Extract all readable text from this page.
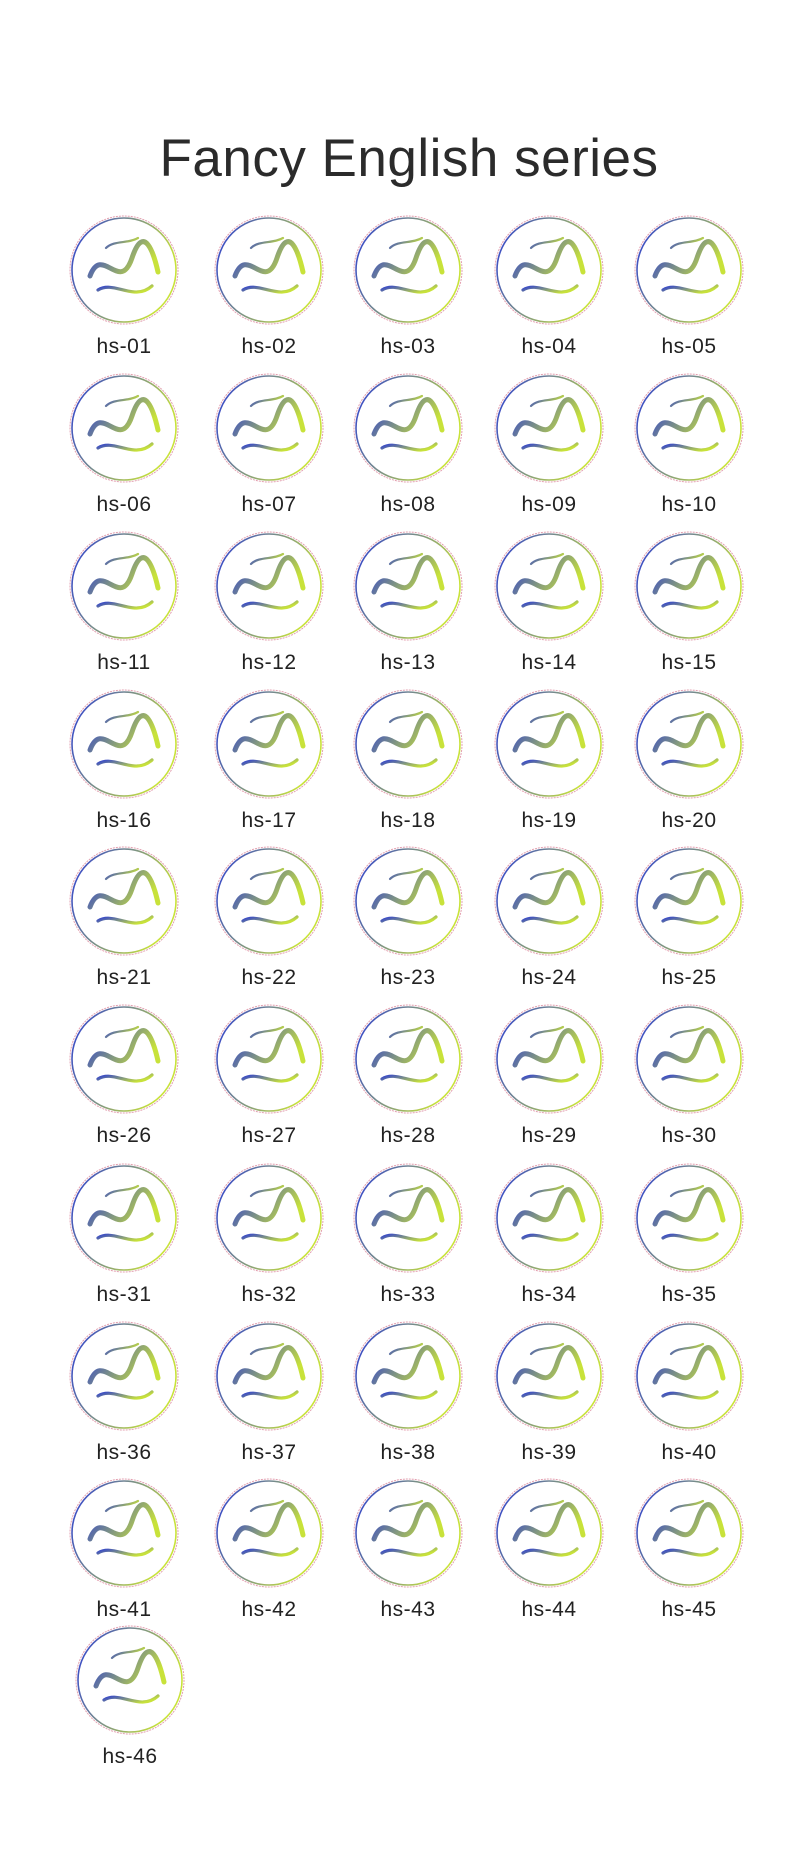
Fancy English series
hs-01	hs-02	hs-03	hs-04	hs-05
hs-06	hs-07	hs-08	hs-09	hs-10
hs-11	hs-12	hs-13	hs-14	hs-15
hs-16	hs-17	hs-18	hs-19	hs-20
hs-21	hs-22	hs-23	hs-24	hs-25
hs-26	hs-27	hs-28	hs-29	hs-30
hs-31	hs-32	hs-33	hs-34	hs-35
hs-36	hs-37	hs-38	hs-39	hs-40
hs-41	hs-42	hs-43	hs-44	hs-45
hs-46
